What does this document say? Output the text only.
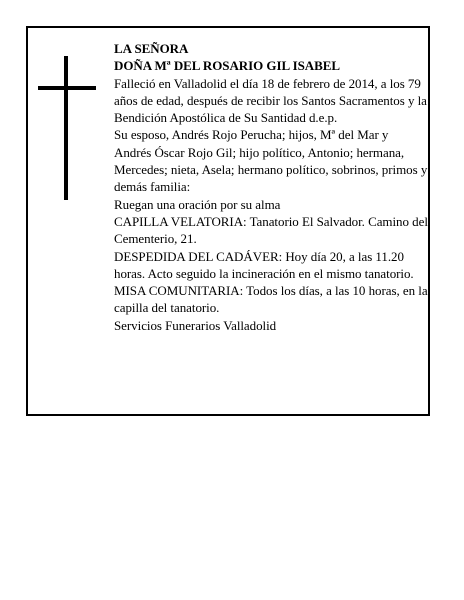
LA SEÑORA

DOÑA Mª DEL ROSARIO GIL ISABEL

Falleció en Valladolid el día 18 de febrero de 2014, a los 79 años de edad, después de recibir los Santos Sacramentos y la Bendición Apostólica de Su Santidad d.e.p.

Su esposo, Andrés Rojo Perucha; hijos, Mª del Mar y Andrés Óscar Rojo Gil; hijo político, Antonio; hermana, Mercedes; nieta, Asela; hermano político, sobrinos, primos y demás familia:

Ruegan una oración por su alma

CAPILLA VELATORIA: Tanatorio El Salvador. Camino del Cementerio, 21.

DESPEDIDA DEL CADÁVER: Hoy día 20, a las 11.20 horas. Acto seguido la incineración en el mismo tanatorio.

MISA COMUNITARIA: Todos los días, a las 10 horas, en la capilla del tanatorio.

Servicios Funerarios Valladolid
